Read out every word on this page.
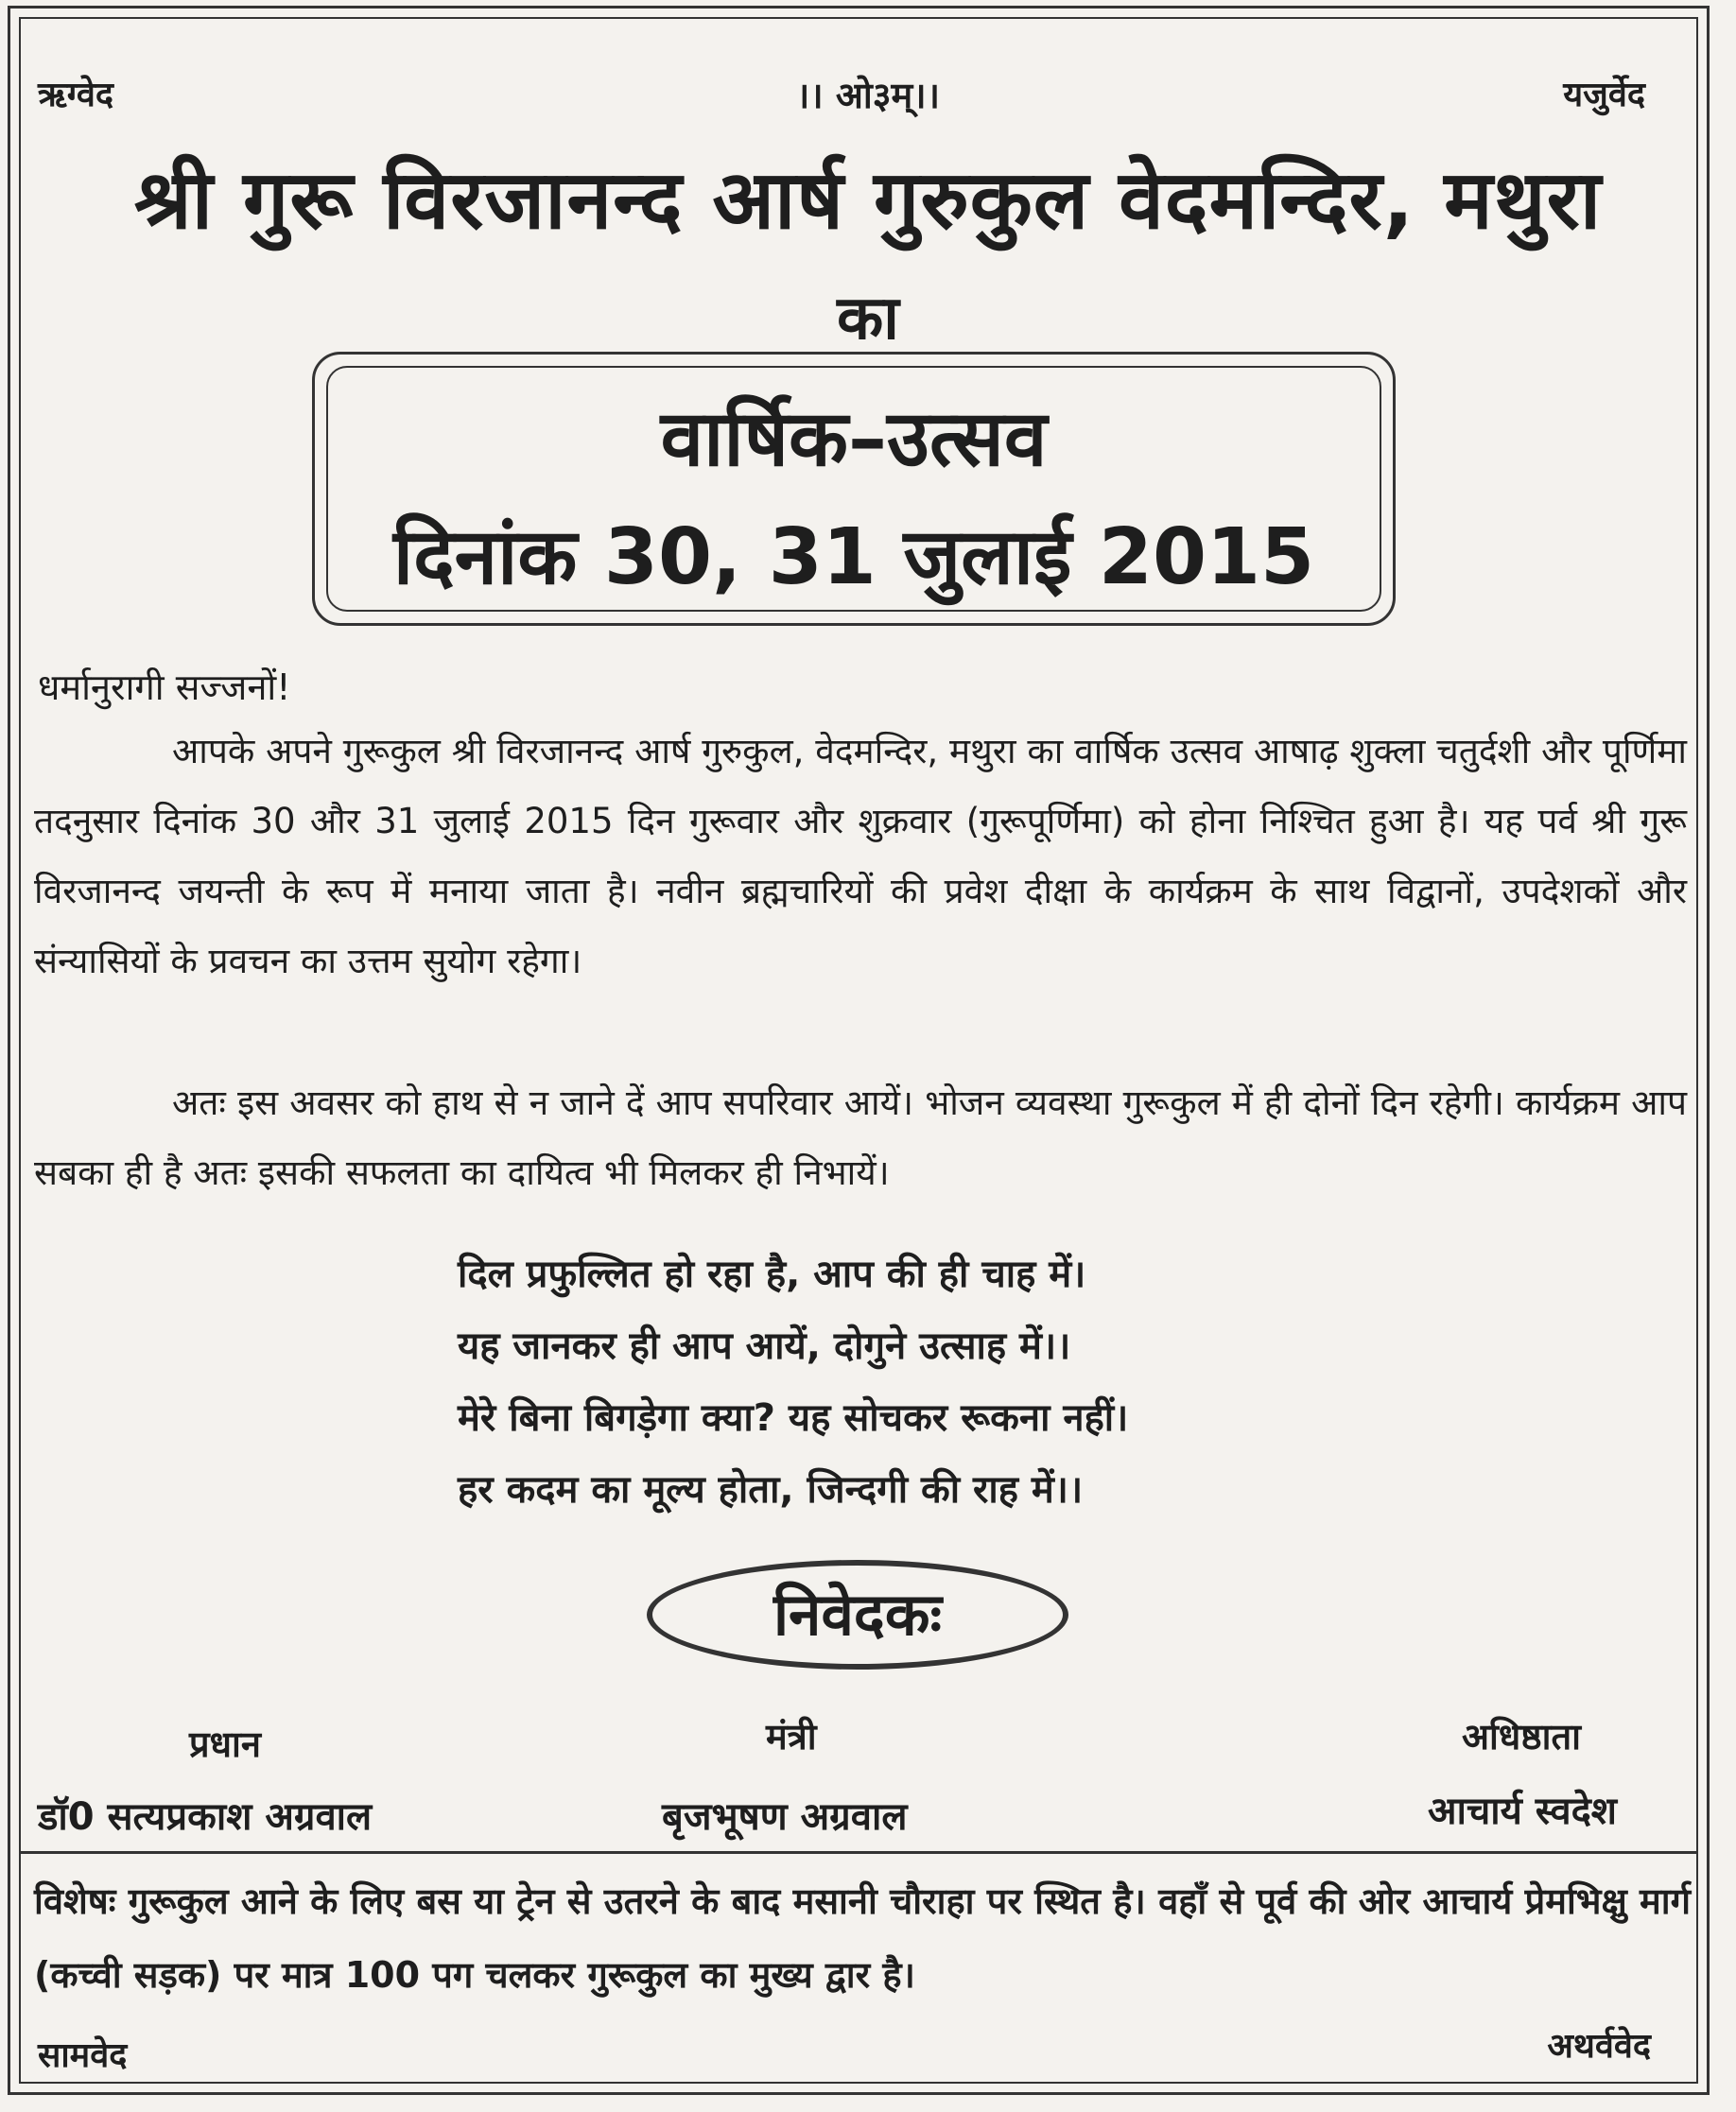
ऋग्वेद	।। ओ३म्।।	यजुर्वेद
श्री गुरू विरजानन्द आर्ष गुरुकुल वेदमन्दिर, मथुरा
का
वार्षिक–उत्सव
दिनांक 30, 31 जुलाई 2015
धर्मानुरागी सज्जनों!
आपके अपने गुरूकुल श्री विरजानन्द आर्ष गुरुकुल, वेदमन्दिर, मथुरा का वार्षिक उत्सव आषाढ़ शुक्ला चतुर्दशी और पूर्णिमा तदनुसार दिनांक 30 और 31 जुलाई 2015 दिन गुरूवार और शुक्रवार (गुरूपूर्णिमा) को होना निश्चित हुआ है। यह पर्व श्री गुरू विरजानन्द जयन्ती के रूप में मनाया जाता है। नवीन ब्रह्मचारियों की प्रवेश दीक्षा के कार्यक्रम के साथ विद्वानों, उपदेशकों और संन्यासियों के प्रवचन का उत्तम सुयोग रहेगा।
अतः इस अवसर को हाथ से न जाने दें आप सपरिवार आयें। भोजन व्यवस्था गुरूकुल में ही दोनों दिन रहेगी। कार्यक्रम आप सबका ही है अतः इसकी सफलता का दायित्व भी मिलकर ही निभायें।
दिल प्रफुल्लित हो रहा है, आप की ही चाह में।
यह जानकर ही आप आयें, दोगुने उत्साह में।।
मेरे बिना बिगड़ेगा क्या? यह सोचकर रूकना नहीं।
हर कदम का मूल्य होता, जिन्दगी की राह में।।
निवेदकः
प्रधान
डॉ0 सत्यप्रकाश अग्रवाल
मंत्री
बृजभूषण अग्रवाल
अधिष्ठाता
आचार्य स्वदेश
विशेषः गुरूकुल आने के लिए बस या ट्रेन से उतरने के बाद मसानी चौराहा पर स्थित है। वहाँ से पूर्व की ओर आचार्य प्रेमभिक्षु मार्ग (कच्वी सड़क) पर मात्र 100 पग चलकर गुरूकुल का मुख्य द्वार है।
सामवेद	अथर्ववेद
